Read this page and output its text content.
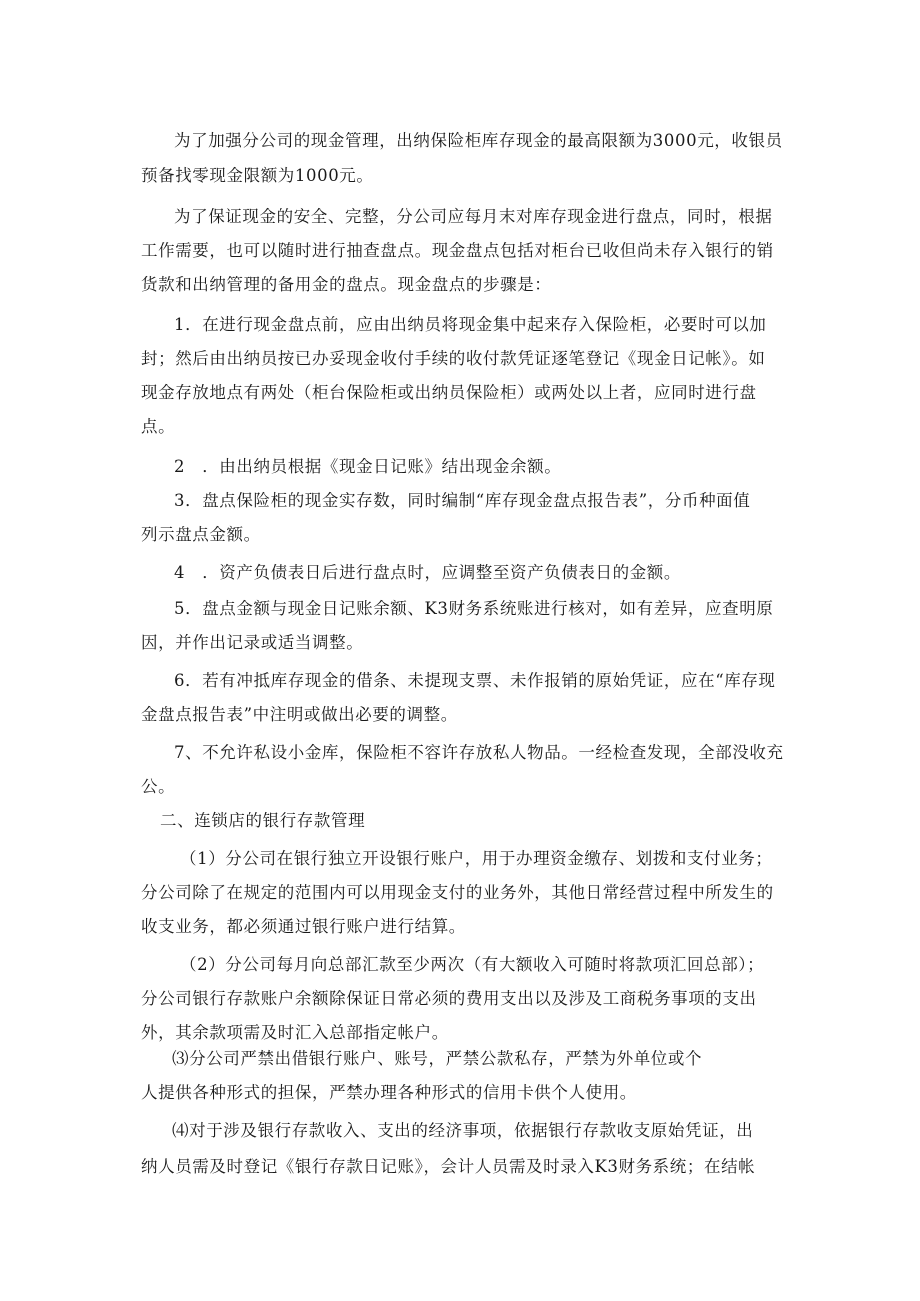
为了加强分公司的现金管理，出纳保险柜库存现金的最高限额为3000元，收银员
预备找零现金限额为1000元。
为了保证现金的安全、完整，分公司应每月末对库存现金进行盘点，同时，根据
工作需要，也可以随时进行抽查盘点。现金盘点包括对柜台已收但尚未存入银行的销
货款和出纳管理的备用金的盘点。现金盘点的步骤是：
1．在进行现金盘点前，应由出纳员将现金集中起来存入保险柜，必要时可以加
封；然后由出纳员按已办妥现金收付手续的收付款凭证逐笔登记《现金日记帐》。如
现金存放地点有两处（柜台保险柜或出纳员保险柜）或两处以上者，应同时进行盘
点。
2　．由出纳员根据《现金日记账》结出现金余额。
3．盘点保险柜的现金实存数，同时编制“库存现金盘点报告表”，分币种面值
列示盘点金额。
4　．资产负债表日后进行盘点时，应调整至资产负债表日的金额。
5．盘点金额与现金日记账余额、K3财务系统账进行核对，如有差异，应查明原
因，并作出记录或适当调整。
6．若有冲抵库存现金的借条、未提现支票、未作报销的原始凭证，应在“库存现
金盘点报告表”中注明或做出必要的调整。
7、不允许私设小金库，保险柜不容许存放私人物品。一经检查发现，全部没收充
公。
二、连锁店的银行存款管理
（1）分公司在银行独立开设银行账户，用于办理资金缴存、划拨和支付业务；
分公司除了在规定的范围内可以用现金支付的业务外，其他日常经营过程中所发生的
收支业务，都必须通过银行账户进行结算。
（2）分公司每月向总部汇款至少两次（有大额收入可随时将款项汇回总部）；
分公司银行存款账户余额除保证日常必须的费用支出以及涉及工商税务事项的支出
外，其余款项需及时汇入总部指定帐户。
⑶分公司严禁出借银行账户、账号，严禁公款私存，严禁为外单位或个
人提供各种形式的担保，严禁办理各种形式的信用卡供个人使用。
⑷对于涉及银行存款收入、支出的经济事项，依据银行存款收支原始凭证，出
纳人员需及时登记《银行存款日记账》，会计人员需及时录入K3财务系统；在结帐
